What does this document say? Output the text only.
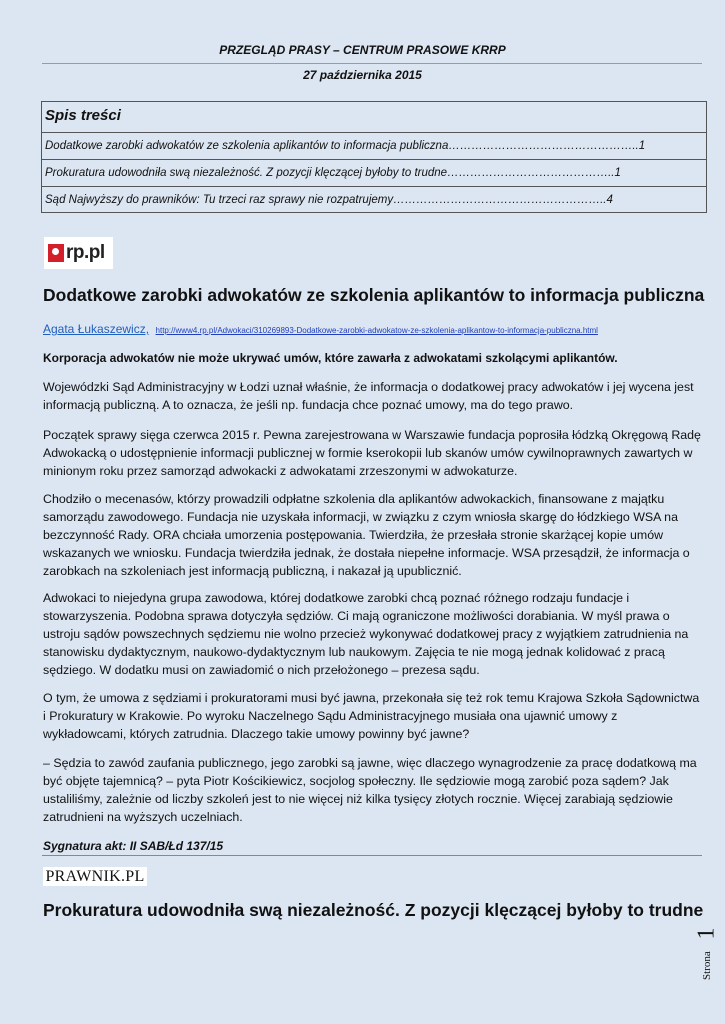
PRZEGLĄD PRASY – CENTRUM PRASOWE KRRP
27 października 2015
Spis treści
Dodatkowe zarobki adwokatów ze szkolenia aplikantów to informacja publiczna…………………………………………..1
Prokuratura udowodniła swą niezależność. Z pozycji klęczącej byłoby to trudne……………………………………..1
Sąd Najwyższy do prawników: Tu trzeci raz sprawy nie rozpatrujemy………………………………………………..4
rp.pl
Dodatkowe zarobki adwokatów ze szkolenia aplikantów to informacja publiczna
Agata Łukaszewicz, http://www4.rp.pl/Adwokaci/310269893-Dodatkowe-zarobki-adwokatow-ze-szkolenia-aplikantow-to-informacja-publiczna.html
Korporacja adwokatów nie może ukrywać umów, które zawarła z adwokatami szkolącymi aplikantów.
Wojewódzki Sąd Administracyjny w Łodzi uznał właśnie, że informacja o dodatkowej pracy adwokatów i jej wycena jest informacją publiczną. A to oznacza, że jeśli np. fundacja chce poznać umowy, ma do tego prawo.
Początek sprawy sięga czerwca 2015 r. Pewna zarejestrowana w Warszawie fundacja poprosiła łódzką Okręgową Radę Adwokacką o udostępnienie informacji publicznej w formie kserokopii lub skanów umów cywilnoprawnych zawartych w minionym roku przez samorząd adwokacki z adwokatami zrzeszonymi w adwokaturze.
Chodziło o mecenasów, którzy prowadzili odpłatne szkolenia dla aplikantów adwokackich, finansowane z majątku samorządu zawodowego. Fundacja nie uzyskała informacji, w związku z czym wniosła skargę do łódzkiego WSA na bezczynność Rady. ORA chciała umorzenia postępowania. Twierdziła, że przesłała stronie skarżącej kopie umów wskazanych we wniosku. Fundacja twierdziła jednak, że dostała niepełne informacje. WSA przesądził, że informacja o zarobkach na szkoleniach jest informacją publiczną, i nakazał ją upublicznić.
Adwokaci to niejedyna grupa zawodowa, której dodatkowe zarobki chcą poznać różnego rodzaju fundacje i stowarzyszenia. Podobna sprawa dotyczyła sędziów. Ci mają ograniczone możliwości dorabiania. W myśl prawa o ustroju sądów powszechnych sędziemu nie wolno przecież wykonywać dodatkowej pracy z wyjątkiem zatrudnienia na stanowisku dydaktycznym, naukowo-dydaktycznym lub naukowym. Zajęcia te nie mogą jednak kolidować z pracą sędziego. W dodatku musi on zawiadomić o nich przełożonego – prezesa sądu.
O tym, że umowa z sędziami i prokuratorami musi być jawna, przekonała się też rok temu Krajowa Szkoła Sądownictwa i Prokuratury w Krakowie. Po wyroku Naczelnego Sądu Administracyjnego musiała ona ujawnić umowy z wykładowcami, których zatrudnia. Dlaczego takie umowy powinny być jawne?
– Sędzia to zawód zaufania publicznego, jego zarobki są jawne, więc dlaczego wynagrodzenie za pracę dodatkową ma być objęte tajemnicą? – pyta Piotr Kościkiewicz, socjolog społeczny. Ile sędziowie mogą zarobić poza sądem? Jak ustaliliśmy, zależnie od liczby szkoleń jest to nie więcej niż kilka tysięcy złotych rocznie. Więcej zarabiają sędziowie zatrudnieni na wyższych uczelniach.
Sygnatura akt: II SAB/Łd 137/15
PRAWNIK.PL
Prokuratura udowodniła swą niezależność. Z pozycji klęczącej byłoby to trudne
1
Strona
